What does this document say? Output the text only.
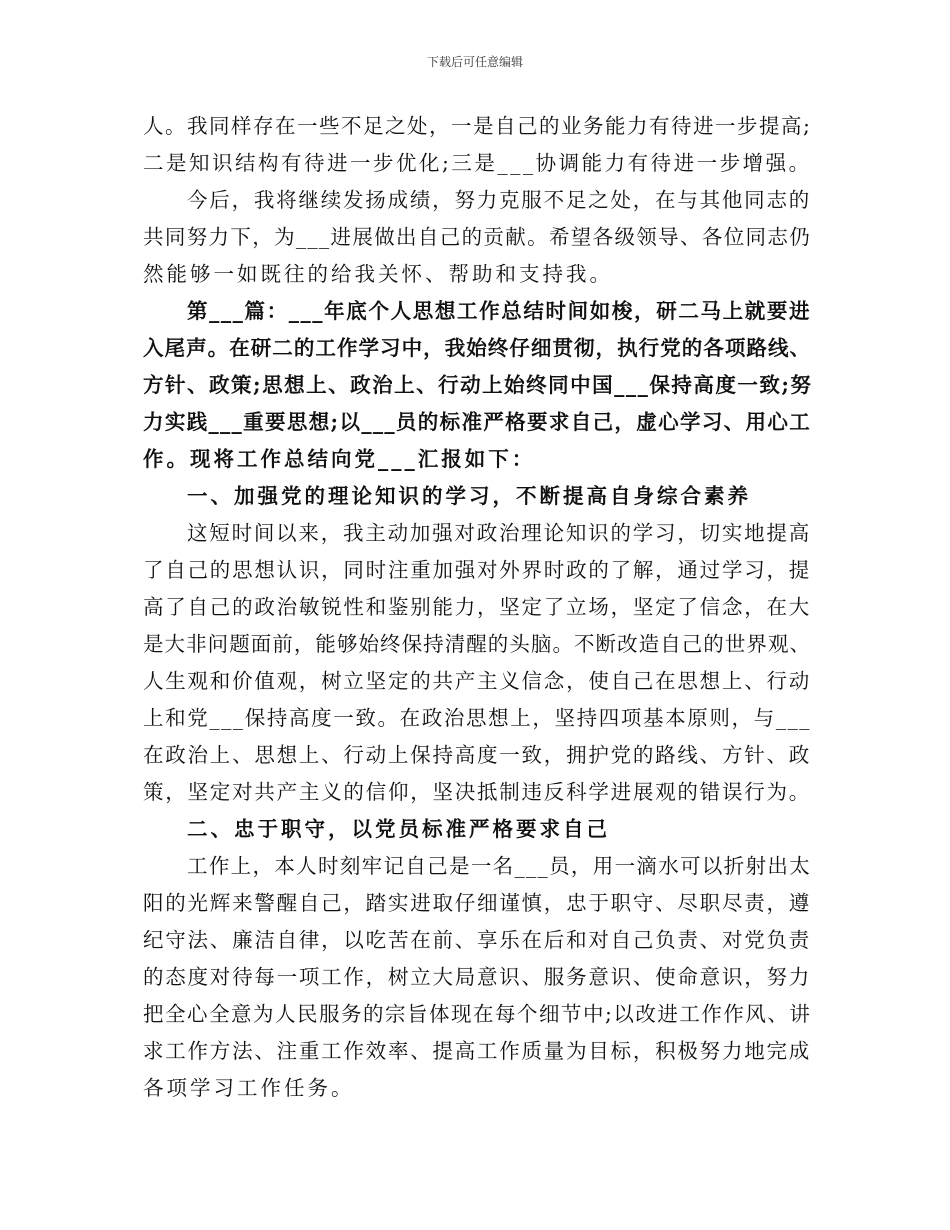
下载后可任意编辑
人。我同样存在一些不足之处，一是自己的业务能力有待进一步提高;
二是知识结构有待进一步优化;三是___协调能力有待进一步增强。
今后，我将继续发扬成绩，努力克服不足之处，在与其他同志的
共同努力下，为___进展做出自己的贡献。希望各级领导、各位同志仍
然能够一如既往的给我关怀、帮助和支持我。
第___篇：___年底个人思想工作总结时间如梭，研二马上就要进
入尾声。在研二的工作学习中，我始终仔细贯彻，执行党的各项路线、
方针、政策;思想上、政治上、行动上始终同中国___保持高度一致;努
力实践___重要思想;以___员的标准严格要求自己，虚心学习、用心工
作。现将工作总结向党___汇报如下：
一、加强党的理论知识的学习，不断提高自身综合素养
这短时间以来，我主动加强对政治理论知识的学习，切实地提高
了自己的思想认识，同时注重加强对外界时政的了解，通过学习，提
高了自己的政治敏锐性和鉴别能力，坚定了立场，坚定了信念，在大
是大非问题面前，能够始终保持清醒的头脑。不断改造自己的世界观、
人生观和价值观，树立坚定的共产主义信念，使自己在思想上、行动
上和党___保持高度一致。在政治思想上，坚持四项基本原则，与___
在政治上、思想上、行动上保持高度一致，拥护党的路线、方针、政
策，坚定对共产主义的信仰，坚决抵制违反科学进展观的错误行为。
二、忠于职守，以党员标准严格要求自己
工作上，本人时刻牢记自己是一名___员，用一滴水可以折射出太
阳的光辉来警醒自己，踏实进取仔细谨慎，忠于职守、尽职尽责，遵
纪守法、廉洁自律，以吃苦在前、享乐在后和对自己负责、对党负责
的态度对待每一项工作，树立大局意识、服务意识、使命意识，努力
把全心全意为人民服务的宗旨体现在每个细节中;以改进工作作风、讲
求工作方法、注重工作效率、提高工作质量为目标，积极努力地完成
各项学习工作任务。
